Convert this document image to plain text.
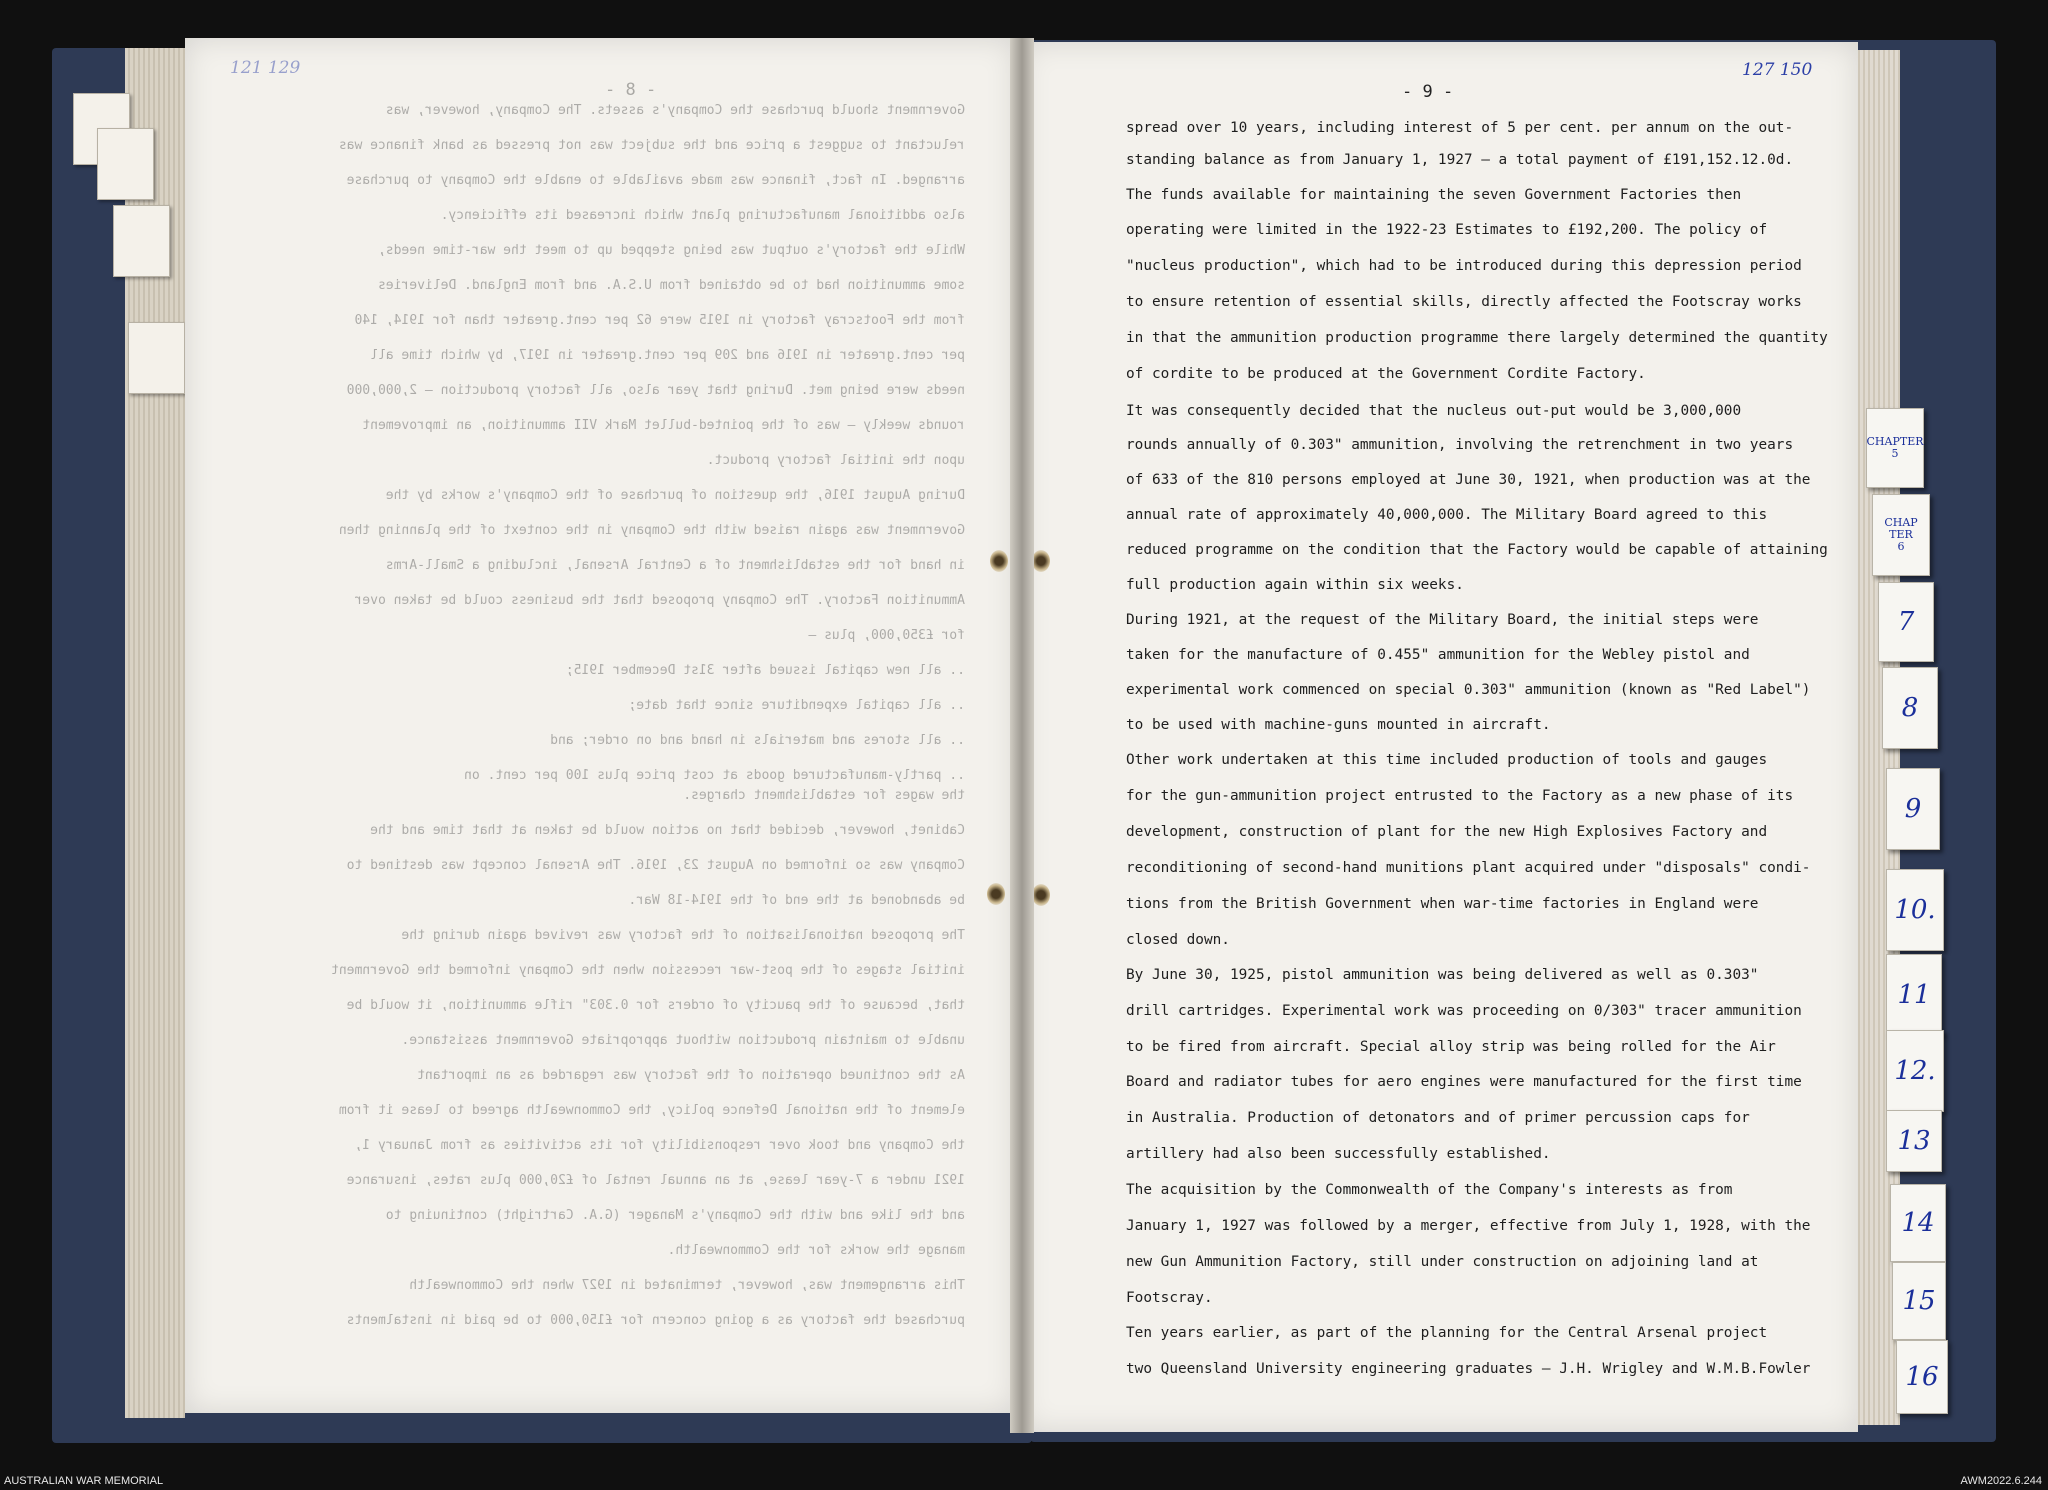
121 129
- 8 -
Government should purchase the Company's assets. The Company, however, was
reluctant to suggest a price and the subject was not pressed as bank finance was
arranged. In fact, finance was made available to enable the Company to purchase
also additional manufacturing plant which increased its efficiency.
While the factory's output was being stepped up to meet the war-time needs,
some ammunition had to be obtained from U.S.A. and from England. Deliveries
from the Footscray factory in 1915 were 62 per cent.greater than for 1914, 140
per cent.greater in 1916 and 209 per cent.greater in 1917, by which time all
needs were being met. During that year also, all factory production — 2,000,000
rounds weekly — was of the pointed-bullet Mark VII ammunition, an improvement
upon the initial factory product.
During August 1916, the question of purchase of the Company's works by the
Government was again raised with the Company in the context of the planning then
in hand for the establishment of a Central Arsenal, including a Small-Arms
Ammunition Factory. The Company proposed that the business could be taken over
for £350,000, plus —
.. all new capital issued after 31st December 1915;
.. all capital expenditure since that date;
.. all stores and materials in hand and on order; and
.. partly-manufactured goods at cost price plus 100 per cent. on
the wages for establishment charges.
Cabinet, however, decided that no action would be taken at that time and the
Company was so informed on August 23, 1916. The Arsenal concept was destined to
be abandoned at the end of the 1914-18 War.
The proposed nationalisation of the factory was revived again during the
initial stages of the post-war recession when the Company informed the Government
that, because of the paucity of orders for 0.303" rifle ammunition, it would be
unable to maintain production without appropriate Government assistance.
As the continued operation of the factory was regarded as an important
element of the national Defence policy, the Commonwealth agreed to lease it from
the Company and took over responsibility for its activities as from January 1,
1921 under a 7-year lease, at an annual rental of £20,000 plus rates, insurance
and the like and with the Company's Manager (G.A. Cartright) continuing to
manage the works for the Commonwealth.
This arrangement was, however, terminated in 1927 when the Commonwealth
purchased the factory as a going concern for £150,000 to be paid in instalments
127 150
- 9 -
spread over 10 years, including interest of 5 per cent. per annum on the out-
standing balance as from January 1, 1927 — a total payment of £191,152.12.0d.
The funds available for maintaining the seven Government Factories then
operating were limited in the 1922-23 Estimates to £192,200. The policy of
"nucleus production", which had to be introduced during this depression period
to ensure retention of essential skills, directly affected the Footscray works
in that the ammunition production programme there largely determined the quantity
of cordite to be produced at the Government Cordite Factory.
It was consequently decided that the nucleus out-put would be 3,000,000
rounds annually of 0.303" ammunition, involving the retrenchment in two years
of 633 of the 810 persons employed at June 30, 1921, when production was at the
annual rate of approximately 40,000,000. The Military Board agreed to this
reduced programme on the condition that the Factory would be capable of attaining
full production again within six weeks.
During 1921, at the request of the Military Board, the initial steps were
taken for the manufacture of 0.455" ammunition for the Webley pistol and
experimental work commenced on special 0.303" ammunition (known as "Red Label")
to be used with machine-guns mounted in aircraft.
Other work undertaken at this time included production of tools and gauges
for the gun-ammunition project entrusted to the Factory as a new phase of its
development, construction of plant for the new High Explosives Factory and
reconditioning of second-hand munitions plant acquired under "disposals" condi-
tions from the British Government when war-time factories in England were
closed down.
By June 30, 1925, pistol ammunition was being delivered as well as 0.303"
drill cartridges. Experimental work was proceeding on 0/303" tracer ammunition
to be fired from aircraft. Special alloy strip was being rolled for the Air
Board and radiator tubes for aero engines were manufactured for the first time
in Australia. Production of detonators and of primer percussion caps for
artillery had also been successfully established.
The acquisition by the Commonwealth of the Company's interests as from
January 1, 1927 was followed by a merger, effective from July 1, 1928, with the
new Gun Ammunition Factory, still under construction on adjoining land at
Footscray.
Ten years earlier, as part of the planning for the Central Arsenal project
two Queensland University engineering graduates — J.H. Wrigley and W.M.B.Fowler
CHAPTER
5
CHAP TER
6
7
8
9
10.
11
12.
13
14
15
16
AUSTRALIAN WAR MEMORIAL	AWM2022.6.244
